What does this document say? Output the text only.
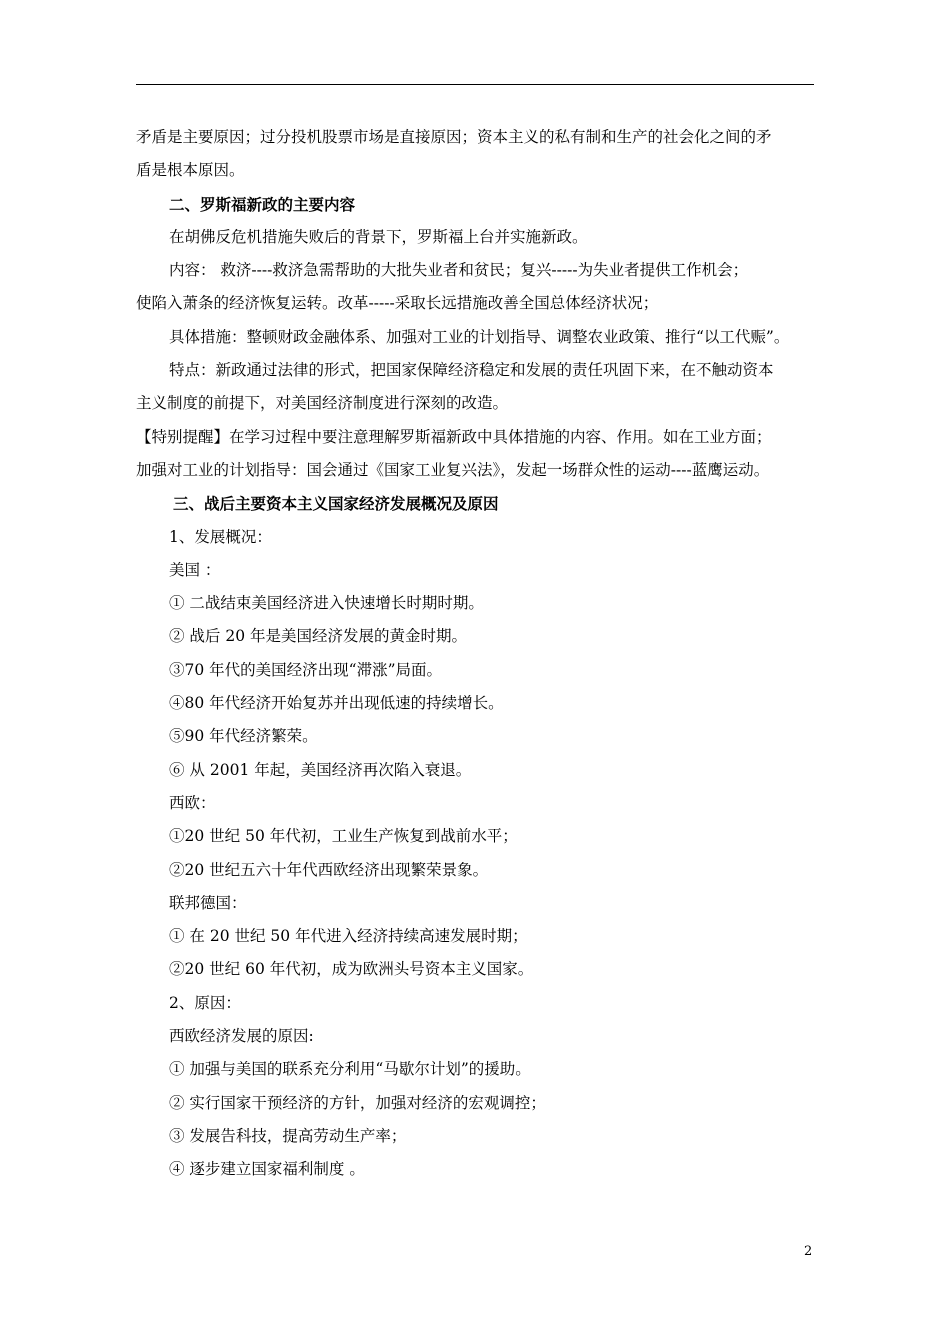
矛盾是主要原因；过分投机股票市场是直接原因；资本主义的私有制和生产的社会化之间的矛

盾是根本原因。

二、罗斯福新政的主要内容

在胡佛反危机措施失败后的背景下，罗斯福上台并实施新政。

内容： 救济----救济急需帮助的大批失业者和贫民；复兴-----为失业者提供工作机会；

使陷入萧条的经济恢复运转。改革-----采取长远措施改善全国总体经济状况；

具体措施：整顿财政金融体系、加强对工业的计划指导、调整农业政策、推行“以工代赈”。

特点：新政通过法律的形式，把国家保障经济稳定和发展的责任巩固下来，在不触动资本

主义制度的前提下，对美国经济制度进行深刻的改造。

【特别提醒】在学习过程中要注意理解罗斯福新政中具体措施的内容、作用。如在工业方面；

加强对工业的计划指导：国会通过《国家工业复兴法》，发起一场群众性的运动----蓝鹰运动。

三、战后主要资本主义国家经济发展概况及原因

1、发展概况：

美国 ：

① 二战结束美国经济进入快速增长时期时期。

② 战后 20 年是美国经济发展的黄金时期。

③70 年代的美国经济出现“滞涨”局面。

④80 年代经济开始复苏并出现低速的持续增长。

⑤90 年代经济繁荣。

⑥ 从 2001 年起，美国经济再次陷入衰退。

西欧：

①20 世纪 50 年代初，工业生产恢复到战前水平；

②20 世纪五六十年代西欧经济出现繁荣景象。

联邦德国：

① 在 20 世纪 50 年代进入经济持续高速发展时期；

②20 世纪 60 年代初，成为欧洲头号资本主义国家。

2、原因：

西欧经济发展的原因:

① 加强与美国的联系充分利用“马歇尔计划”的援助。

② 实行国家干预经济的方针，加强对经济的宏观调控；

③ 发展告科技，提高劳动生产率；

④ 逐步建立国家福利制度 。

2
